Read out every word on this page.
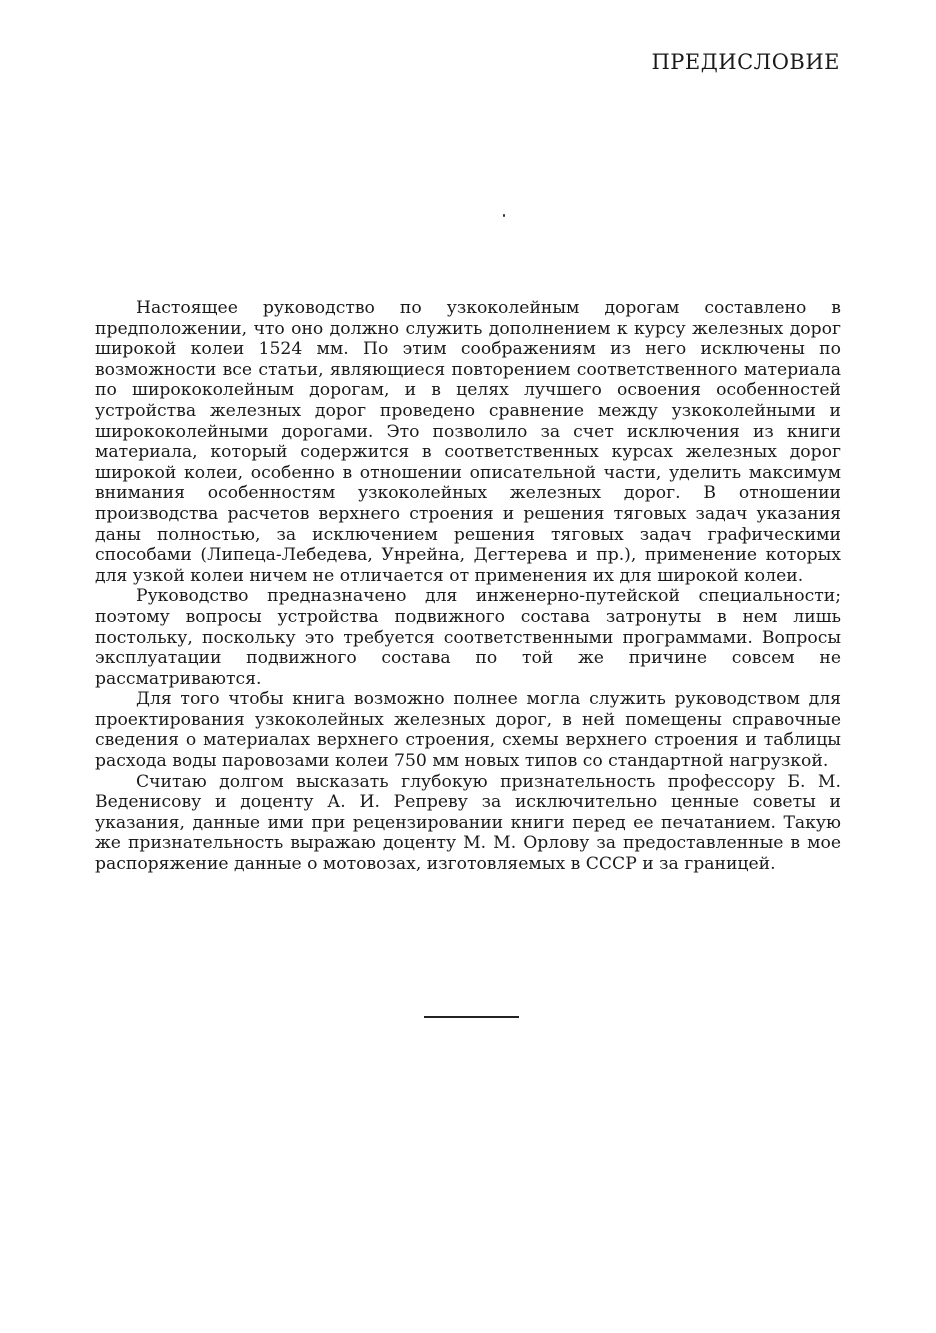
ПРЕДИСЛОВИЕ

Настоящее руководство по узкоколейным дорогам составлено в предположении, что оно должно служить дополнением к курсу железных дорог широкой колеи 1524 мм. По этим соображениям из него исключены по возможности все статьи, являющиеся повторением соответственного материала по ширококолейным дорогам, и в целях лучшего освоения особенностей устройства железных дорог проведено сравнение между узкоколейными и ширококолейными дорогами. Это позволило за счет исключения из книги материала, который содержится в соответственных курсах железных дорог широкой колеи, особенно в отношении описательной части, уделить максимум внимания особенностям узкоколейных железных дорог. В отношении производства расчетов верхнего строения и решения тяговых задач указания даны полностью, за исключением решения тяговых задач графическими способами (Липеца-Лебедева, Унрейна, Дегтерева и пр.), применение которых для узкой колеи ничем не отличается от применения их для широкой колеи.

Руководство предназначено для инженерно-путейской специальности; поэтому вопросы устройства подвижного состава затронуты в нем лишь постольку, поскольку это требуется соответственными программами. Вопросы эксплуатации подвижного состава по той же причине совсем не рассматриваются.

Для того чтобы книга возможно полнее могла служить руководством для проектирования узкоколейных железных дорог, в ней помещены справочные сведения о материалах верхнего строения, схемы верхнего строения и таблицы расхода воды паровозами колеи 750 мм новых типов со стандартной нагрузкой.

Считаю долгом высказать глубокую признательность профессору Б. М. Веденисову и доценту А. И. Репреву за исключительно ценные советы и указания, данные ими при рецензировании книги перед ее печатанием. Такую же признательность выражаю доценту М. М. Орлову за предоставленные в мое распоряжение данные о мотовозах, изготовляемых в СССР и за границей.
